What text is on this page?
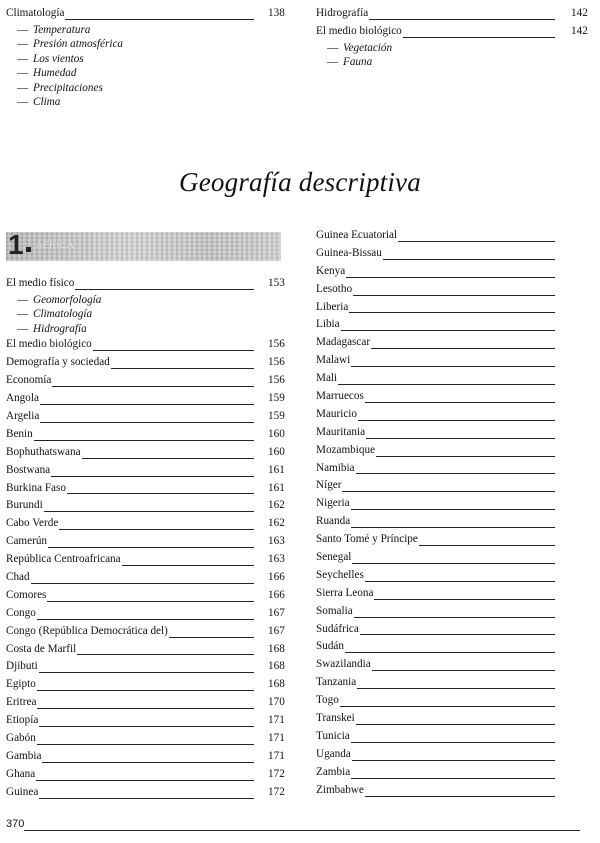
Climatología	138
— Temperatura
— Presión atmosférica
— Los vientos
— Humedad
— Precipitaciones
— Clima
Hidrografía	142
El medio biológico	142
— Vegetación
— Fauna
Geografía descriptiva
1 ÁFRICA
El medio físico	153
— Geomorfología
— Climatología
— Hidrografía
El medio biológico	156
Demografía y sociedad	156
Economía	156
Angola	159
Argelia	159
Benin	160
Bophuthatswana	160
Bostwana	161
Burkina Faso	161
Burundi	162
Cabo Verde	162
Camerún	163
República Centroafricana	163
Chad	166
Comores	166
Congo	167
Congo (República Democrática del)	167
Costa de Marfil	168
Djibuti	168
Egipto	168
Eritrea	170
Etiopía	171
Gabón	171
Gambia	171
Ghana	172
Guinea	172
Guinea Ecuatorial
Guinea-Bissau
Kenya
Lesotho
Liberia
Libia
Madagascar
Malawi
Mali
Marruecos
Mauricio
Mauritania
Mozambique
Namibia
Níger
Nigeria
Ruanda
Santo Tomé y Príncipe
Senegal
Seychelles
Sierra Leona
Somalia
Sudáfrica
Sudán
Swazilandia
Tanzania
Togo
Transkei
Tunicia
Uganda
Zambia
Zimbabwe
370
